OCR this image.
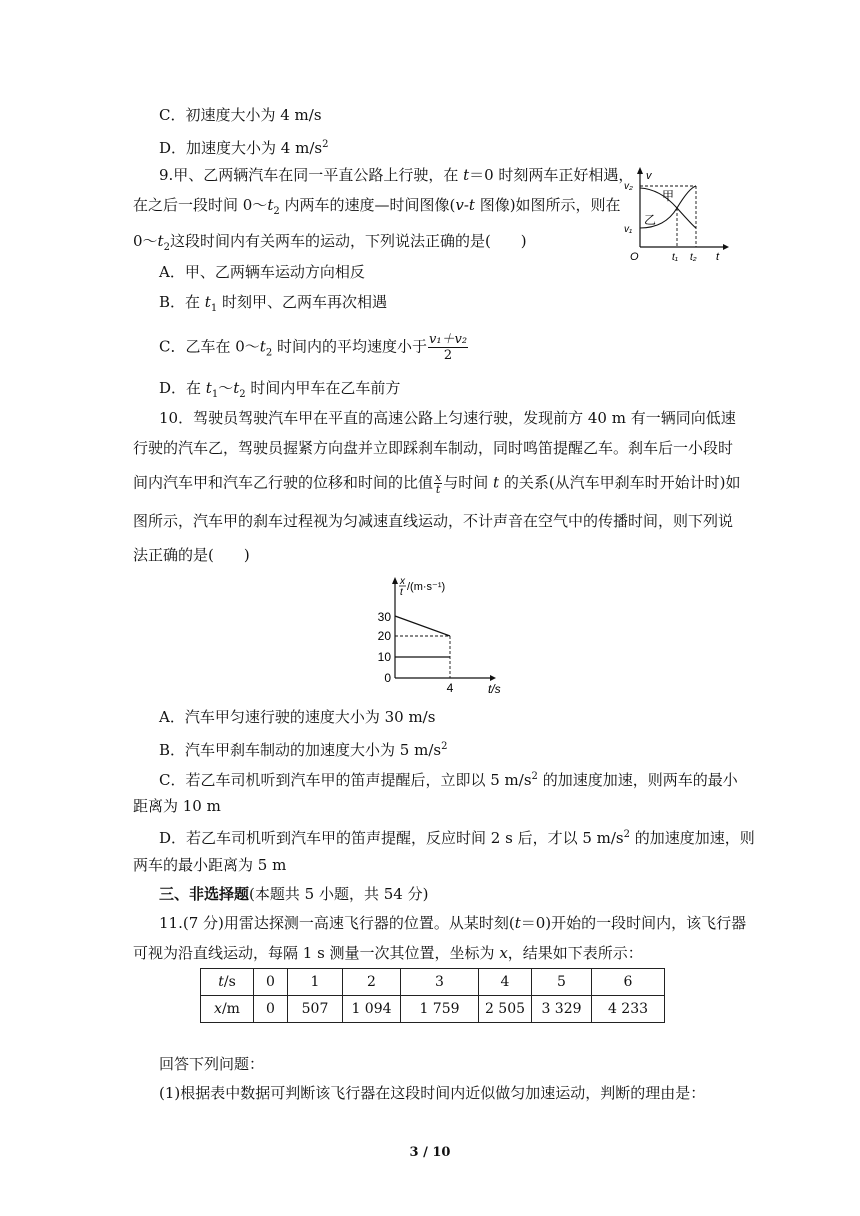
C．初速度大小为 4 m/s
D．加速度大小为 4 $m/s^2$
9.甲、乙两辆汽车在同一平直公路上行驶，在 t＝0 时刻两车正好相遇，
在之后一段时间 $0\sim t_2$ 内两车的速度—时间图像(v-t 图像)如图所示，则在
$0\sim t_2$这段时间内有关两车的运动，下列说法正确的是(　　)
A．甲、乙两辆车运动方向相反
B．在 $t_1$ 时刻甲、乙两车再次相遇
C．乙车在 $0\sim t_2$ 时间内的平均速度小于 $\frac{\text{v₁＋v₂}}{2}$
D．在 $t_1\sim t_2$ 时间内甲车在乙车前方
v
v₂
v₁
O	t₁ t₂ t
甲
乙
10．驾驶员驾驶汽车甲在平直的高速公路上匀速行驶，发现前方 40 m 有一辆同向低速
行驶的汽车乙，驾驶员握紧方向盘并立即踩刹车制动，同时鸣笛提醒乙车。刹车后一小段时
间内汽车甲和汽车乙行驶的位移和时间的比值 $\frac{x}{t}$ 与时间 t 的关系(从汽车甲刹车时开始计时)如
图所示，汽车甲的刹车过程视为匀减速直线运动，不计声音在空气中的传播时间，则下列说
法正确的是(　　)
x
t /(m·s⁻¹)
30
20
10
0
4	t/s
A．汽车甲匀速行驶的速度大小为 30 m/s
B．汽车甲刹车制动的加速度大小为 5 $m/s^2$
C．若乙车司机听到汽车甲的笛声提醒后，立即以 5 $m/s^2$ 的加速度加速，则两车的最小
距离为 10 m
D．若乙车司机听到汽车甲的笛声提醒，反应时间 2 s 后，才以 5 $m/s^2$ 的加速度加速，则
两车的最小距离为 5 m
三、非选择题(本题共 5 小题，共 54 分)
11.(7 分)用雷达探测一高速飞行器的位置。从某时刻(t＝0)开始的一段时间内，该飞行器
可视为沿直线运动，每隔 1 s 测量一次其位置，坐标为 x，结果如下表所示：
t/s	0	1	2	3	4	5	6
x/m	0	507	1 094	1 759	2 505	3 329	4 233
回答下列问题：
(1)根据表中数据可判断该飞行器在这段时间内近似做匀加速运动，判断的理由是：
3 / 10
